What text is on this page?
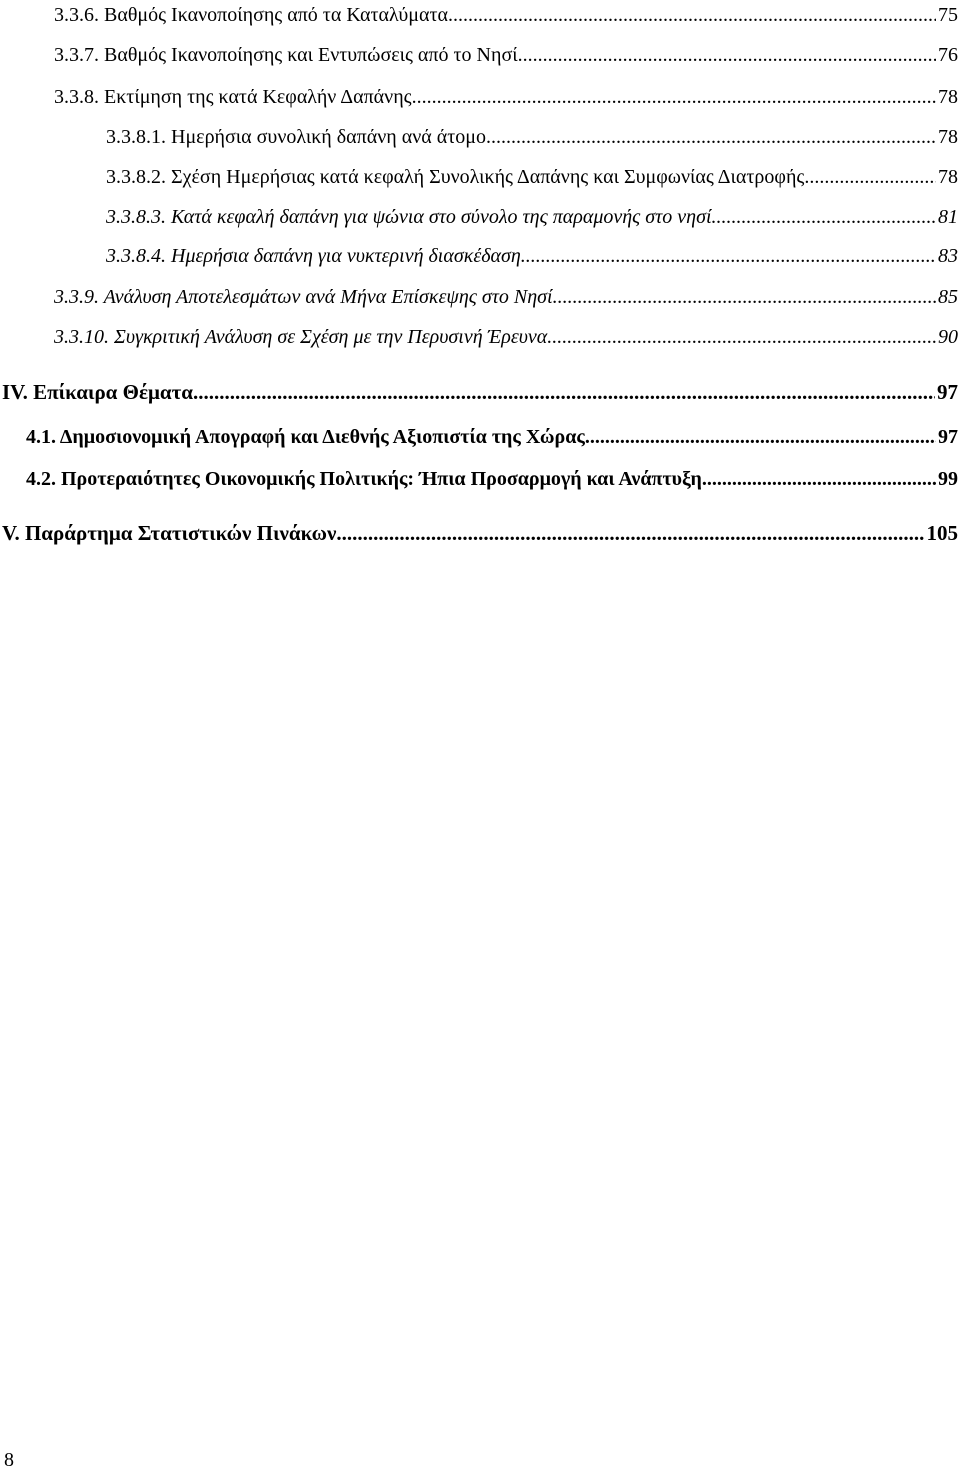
3.3.6. Βαθμός Ικανοποίησης από τα Καταλύματα .....	75
3.3.7. Βαθμός Ικανοποίησης και Εντυπώσεις από το Νησί .....	76
3.3.8. Εκτίμηση της κατά Κεφαλήν Δαπάνης .....	78
3.3.8.1. Ημερήσια συνολική δαπάνη ανά άτομο .....	78
3.3.8.2. Σχέση Ημερήσιας κατά κεφαλή Συνολικής Δαπάνης και Συμφωνίας Διατροφής .....	78
3.3.8.3. Κατά κεφαλή δαπάνη για ψώνια στο σύνολο της παραμονής στο νησί .....	81
3.3.8.4. Ημερήσια δαπάνη για νυκτερινή διασκέδαση .....	83
3.3.9. Ανάλυση Αποτελεσμάτων ανά Μήνα Επίσκεψης στο Νησί .....	85
3.3.10. Συγκριτική Ανάλυση σε Σχέση με την Περυσινή Έρευνα .....	90
IV. Επίκαιρα Θέματα .....	97
4.1. Δημοσιονομική Απογραφή και Διεθνής Αξιοπιστία της Χώρας .....	97
4.2. Προτεραιότητες Οικονομικής Πολιτικής: Ήπια Προσαρμογή και Ανάπτυξη .....	99
V. Παράρτημα Στατιστικών Πινάκων .....	105
8
